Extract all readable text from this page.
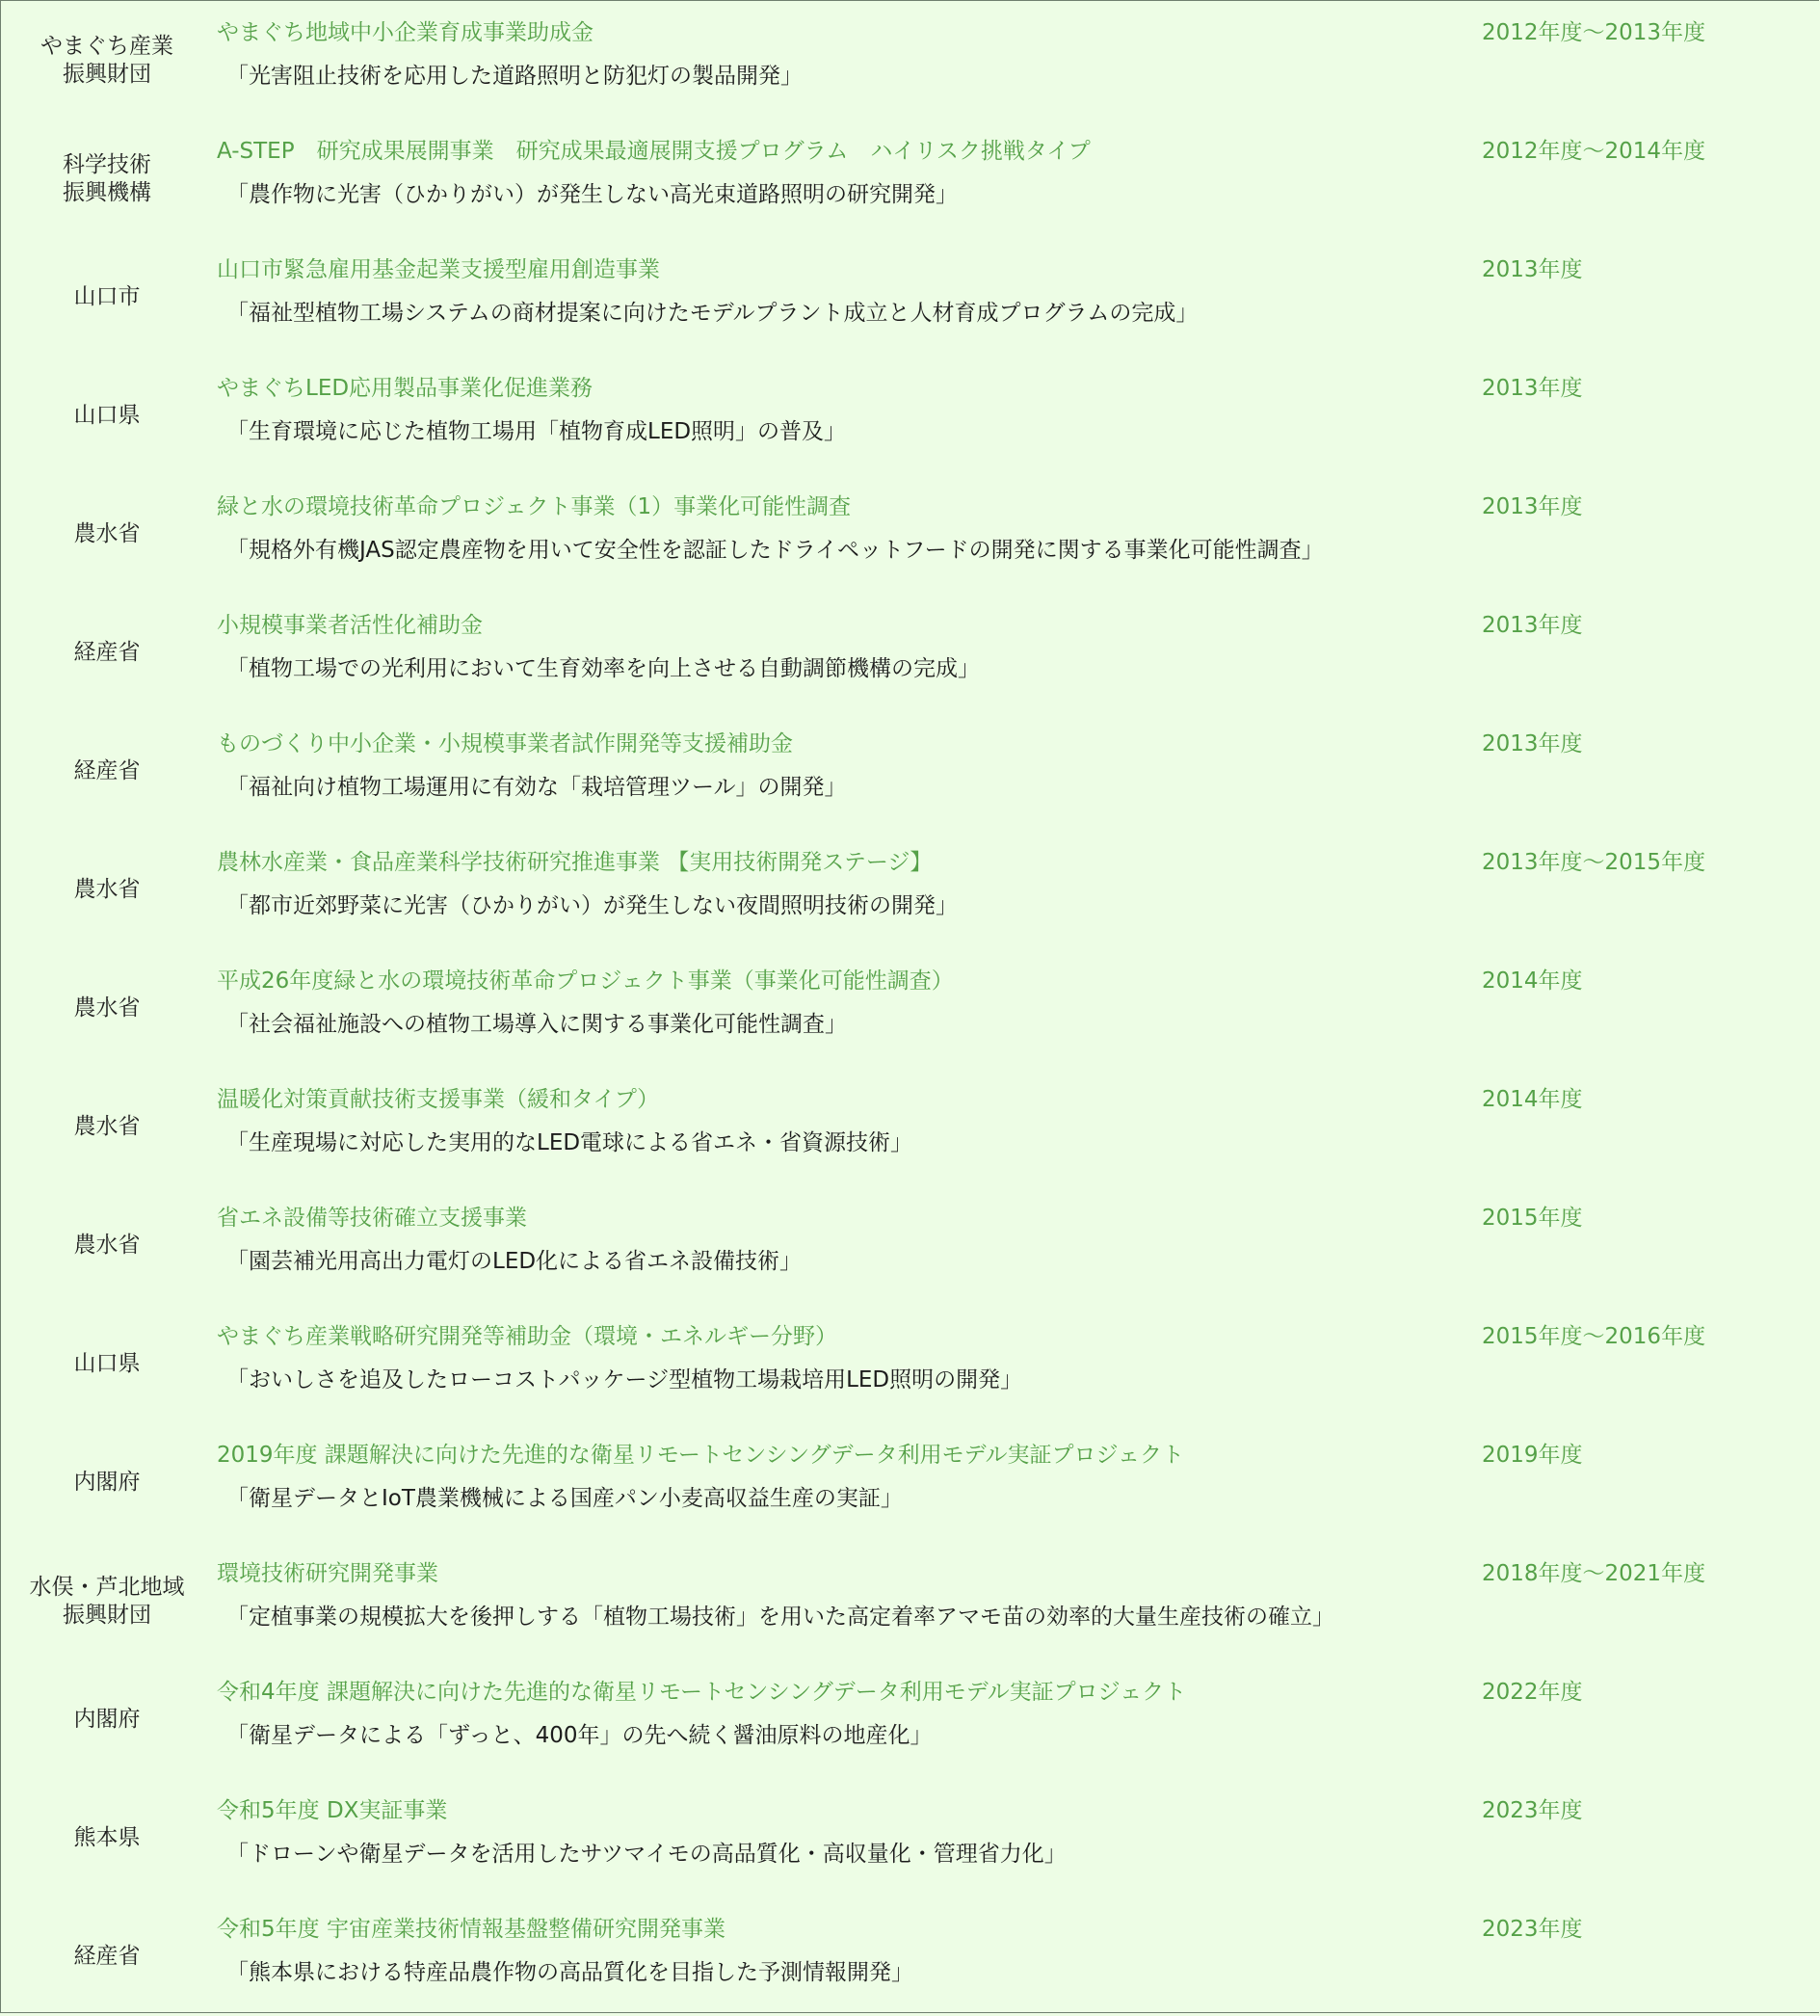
やまぐち産業
振興財団
やまぐち地域中小企業育成事業助成金
「光害阻止技術を応用した道路照明と防犯灯の製品開発」
2012年度～2013年度
科学技術
振興機構
A-STEP　研究成果展開事業　研究成果最適展開支援プログラム　ハイリスク挑戦タイプ
「農作物に光害（ひかりがい）が発生しない高光束道路照明の研究開発」
2012年度～2014年度
山口市
山口市緊急雇用基金起業支援型雇用創造事業
「福祉型植物工場システムの商材提案に向けたモデルプラント成立と人材育成プログラムの完成」
2013年度
山口県
やまぐちLED応用製品事業化促進業務
「生育環境に応じた植物工場用「植物育成LED照明」の普及」
2013年度
農水省
緑と水の環境技術革命プロジェクト事業（1）事業化可能性調査
「規格外有機JAS認定農産物を用いて安全性を認証したドライペットフードの開発に関する事業化可能性調査」
2013年度
経産省
小規模事業者活性化補助金
「植物工場での光利用において生育効率を向上させる自動調節機構の完成」
2013年度
経産省
ものづくり中小企業・小規模事業者試作開発等支援補助金
「福祉向け植物工場運用に有効な「栽培管理ツール」の開発」
2013年度
農水省
農林水産業・食品産業科学技術研究推進事業 【実用技術開発ステージ】
「都市近郊野菜に光害（ひかりがい）が発生しない夜間照明技術の開発」
2013年度～2015年度
農水省
平成26年度緑と水の環境技術革命プロジェクト事業（事業化可能性調査）
「社会福祉施設への植物工場導入に関する事業化可能性調査」
2014年度
農水省
温暖化対策貢献技術支援事業（緩和タイプ）
「生産現場に対応した実用的なLED電球による省エネ・省資源技術」
2014年度
農水省
省エネ設備等技術確立支援事業
「園芸補光用高出力電灯のLED化による省エネ設備技術」
2015年度
山口県
やまぐち産業戦略研究開発等補助金（環境・エネルギー分野）
「おいしさを追及したローコストパッケージ型植物工場栽培用LED照明の開発」
2015年度～2016年度
内閣府
2019年度 課題解決に向けた先進的な衛星リモートセンシングデータ利用モデル実証プロジェクト
「衛星データとIoT農業機械による国産パン小麦高収益生産の実証」
2019年度
水俣・芦北地域
振興財団
環境技術研究開発事業
「定植事業の規模拡大を後押しする「植物工場技術」を用いた高定着率アマモ苗の効率的大量生産技術の確立」
2018年度～2021年度
内閣府
令和4年度 課題解決に向けた先進的な衛星リモートセンシングデータ利用モデル実証プロジェクト
「衛星データによる「ずっと、400年」の先へ続く醤油原料の地産化」
2022年度
熊本県
令和5年度 DX実証事業
「ドローンや衛星データを活用したサツマイモの高品質化・高収量化・管理省力化」
2023年度
経産省
令和5年度 宇宙産業技術情報基盤整備研究開発事業
「熊本県における特産品農作物の高品質化を目指した予測情報開発」
2023年度
